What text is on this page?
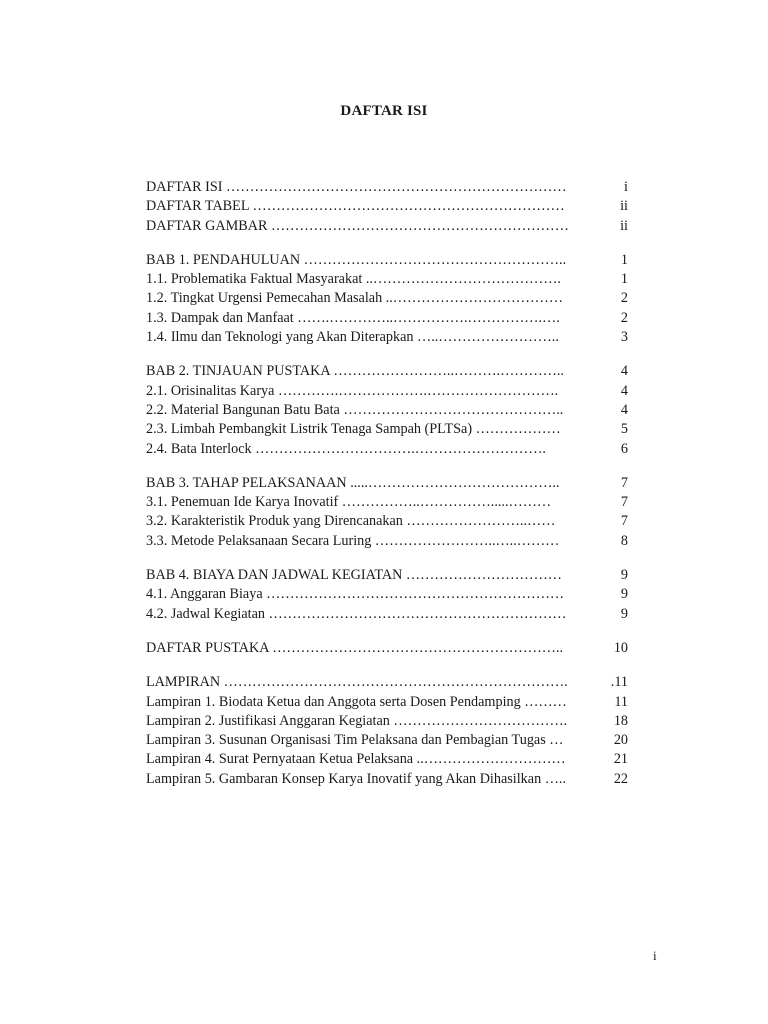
DAFTAR ISI
DAFTAR ISI ………………………………………………………………	i
DAFTAR TABEL …………………………………………………………	ii
DAFTAR GAMBAR ………………………………………………………	ii
BAB 1. PENDAHULUAN ………………………………………………..	1
1.1. Problematika Faktual Masyarakat ..………………………………….	1
1.2. Tingkat Urgensi Pemecahan Masalah ..………………………………	2
1.3. Dampak dan Manfaat …….…………..…………….…………….….	2
1.4. Ilmu dan Teknologi yang Akan Diterapkan …..……………………..	3
BAB 2. TINJAUAN PUSTAKA ……………………..……….…………..	4
2.1. Orisinalitas Karya ………….……………….……………………….	4
2.2. Material Bangunan Batu Bata ………………………………………..	4
2.3. Limbah Pembangkit Listrik Tenaga Sampah (PLTSa) ………………	5
2.4. Bata Interlock …………………………….……………………….	6
BAB 3. TAHAP PELAKSANAAN .....…………………………………..	7
3.1. Penemuan Ide Karya Inovatif ……………..…………….....………	7
3.2. Karakteristik Produk yang Direncanakan ……………………..……	7
3.3. Metode Pelaksanaan Secara Luring ……………………..…..………	8
BAB 4. BIAYA DAN JADWAL KEGIATAN ……………………………	9
4.1. Anggaran Biaya ………………………………………………………	9
4.2. Jadwal Kegiatan ………………………………………………………	9
DAFTAR PUSTAKA ……………………………………………………..	10
LAMPIRAN ……………………………………………………………….	.11
Lampiran 1. Biodata Ketua dan Anggota serta Dosen Pendamping ………	11
Lampiran 2. Justifikasi Anggaran Kegiatan ……………………………….	18
Lampiran 3. Susunan Organisasi Tim Pelaksana dan Pembagian Tugas …	20
Lampiran 4. Surat Pernyataan Ketua Pelaksana ..…………………………	21
Lampiran 5. Gambaran Konsep Karya Inovatif yang Akan Dihasilkan …..	22
i
